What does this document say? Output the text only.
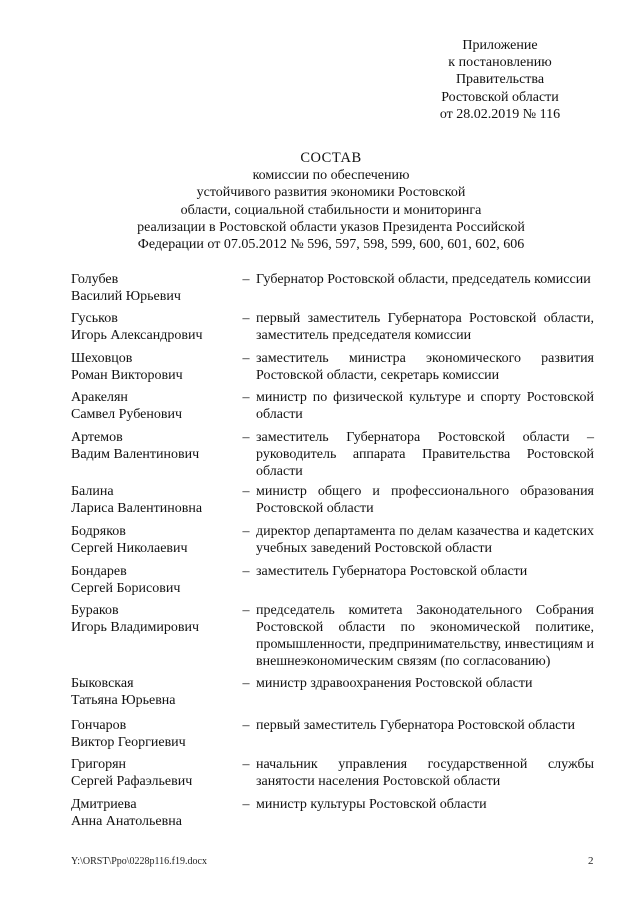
Приложение
к постановлению
Правительства
Ростовской области
от 28.02.2019 № 116
СОСТАВ
комиссии по обеспечению
устойчивого развития экономики Ростовской
области, социальной стабильности и мониторинга
реализации в Ростовской области указов Президента Российской
Федерации от 07.05.2012 № 596, 597, 598, 599, 600, 601, 602, 606
Голубев
Василий Юрьевич
– Губернатор Ростовской области, председатель комиссии
Гуськов
Игорь Александрович
– первый заместитель Губернатора Ростовской области, заместитель председателя комиссии
Шеховцов
Роман Викторович
– заместитель министра экономического развития Ростовской области, секретарь комиссии
Аракелян
Самвел Рубенович
– министр по физической культуре и спорту Ростовской области
Артемов
Вадим Валентинович
– заместитель Губернатора Ростовской области – руководитель аппарата Правительства Ростовской области
Балина
Лариса Валентиновна
– министр общего и профессионального образования Ростовской области
Бодряков
Сергей Николаевич
– директор департамента по делам казачества и кадетских учебных заведений Ростовской области
Бондарев
Сергей Борисович
– заместитель Губернатора Ростовской области
Бураков
Игорь Владимирович
– председатель комитета Законодательного Собрания Ростовской области по экономической политике, промышленности, предпринимательству, инвестициям и внешнеэкономическим связям (по согласованию)
Быковская
Татьяна Юрьевна
– министр здравоохранения Ростовской области
Гончаров
Виктор Георгиевич
– первый заместитель Губернатора Ростовской области
Григорян
Сергей Рафаэльевич
– начальник управления государственной службы занятости населения Ростовской области
Дмитриева
Анна Анатольевна
– министр культуры Ростовской области
Y:\ORST\Ppo\0228p116.f19.docx	2
